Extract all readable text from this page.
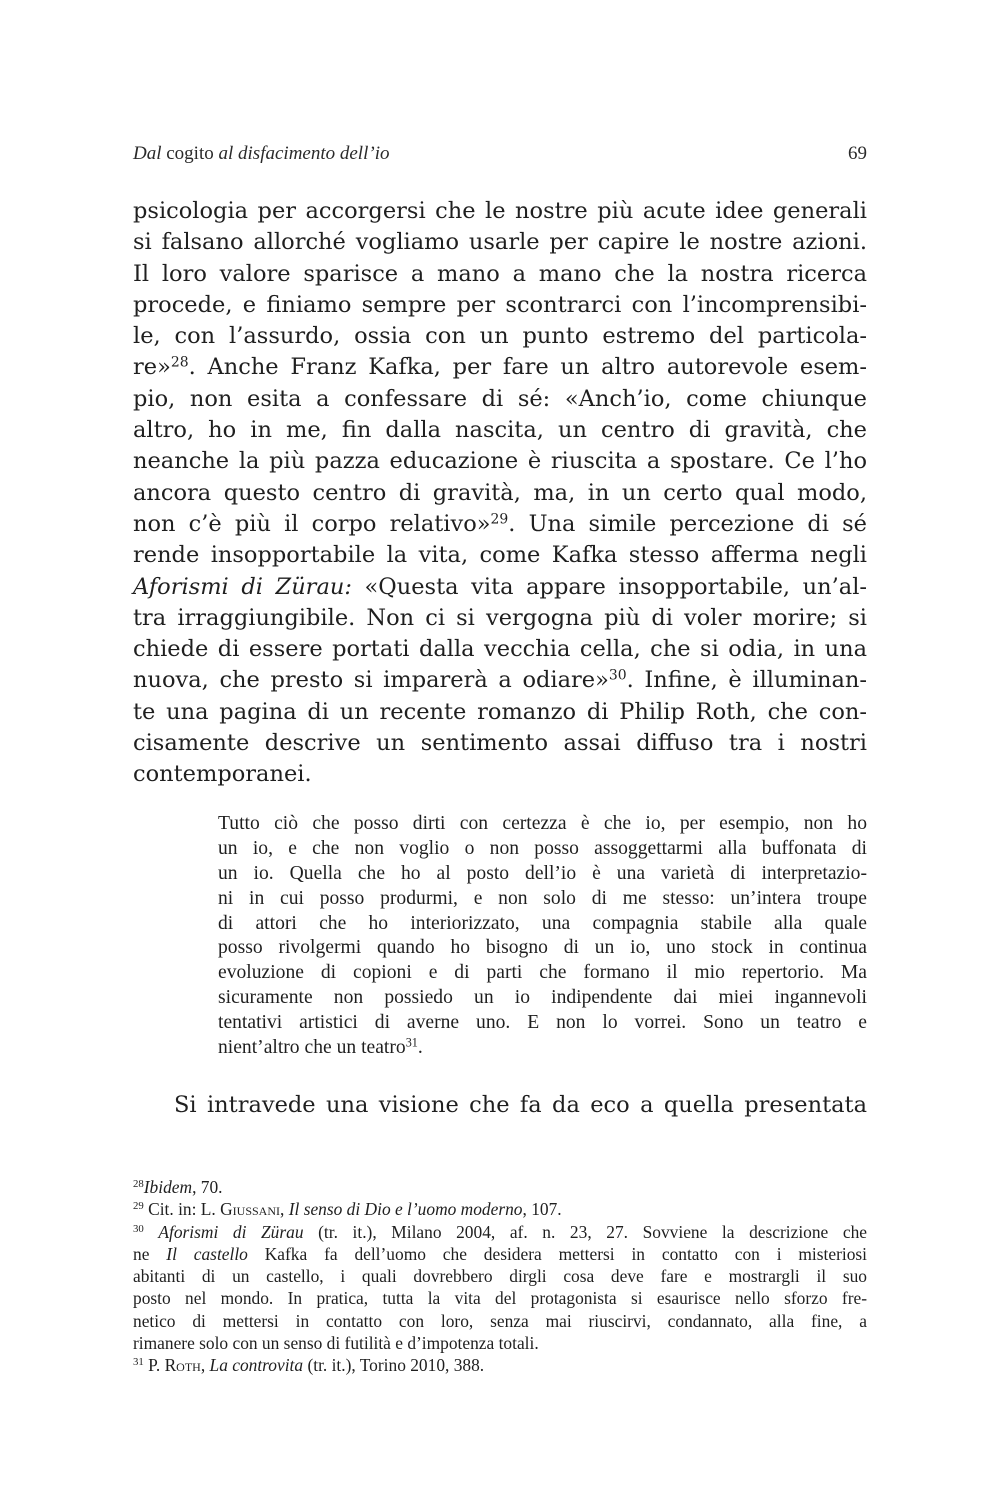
Dal cogito al disfacimento dell’io	69
psicologia per accorgersi che le nostre più acute idee generali
si falsano allorché vogliamo usarle per capire le nostre azioni.
Il loro valore sparisce a mano a mano che la nostra ricerca
procede, e finiamo sempre per scontrarci con l’incomprensibi-
le, con l’assurdo, ossia con un punto estremo del particola-
re»$^{28}$. Anche Franz Kafka, per fare un altro autorevole esem-
pio, non esita a confessare di sé: «Anch’io, come chiunque
altro, ho in me, fin dalla nascita, un centro di gravità, che
neanche la più pazza educazione è riuscita a spostare. Ce l’ho
ancora questo centro di gravità, ma, in un certo qual modo,
non c’è più il corpo relativo»$^{29}$. Una simile percezione di sé
rende insopportabile la vita, come Kafka stesso afferma negli
Aforismi di Zürau: «Questa vita appare insopportabile, un’al-
tra irraggiungibile. Non ci si vergogna più di voler morire; si
chiede di essere portati dalla vecchia cella, che si odia, in una
nuova, che presto si imparerà a odiare»$^{30}$. Infine, è illuminan-
te una pagina di un recente romanzo di Philip Roth, che con-
cisamente descrive un sentimento assai diffuso tra i nostri
contemporanei.
Tutto ciò che posso dirti con certezza è che io, per esempio, non ho
un io, e che non voglio o non posso assoggettarmi alla buffonata di
un io. Quella che ho al posto dell’io è una varietà di interpretazio-
ni in cui posso produrmi, e non solo di me stesso: un’intera troupe
di attori che ho interiorizzato, una compagnia stabile alla quale
posso rivolgermi quando ho bisogno di un io, uno stock in continua
evoluzione di copioni e di parti che formano il mio repertorio. Ma
sicuramente non possiedo un io indipendente dai miei ingannevoli
tentativi artistici di averne uno. E non lo vorrei. Sono un teatro e
nient’altro che un teatro$^{31}$.
Si intravede una visione che fa da eco a quella presentata
$^{28}$Ibidem, 70.
$^{29}$ Cit. in: L. Giussani, Il senso di Dio e l’uomo moderno, 107.
$^{30}$ Aforismi di Zürau (tr. it.), Milano 2004, af. n. 23, 27. Sovviene la descrizione che
ne Il castello Kafka fa dell’uomo che desidera mettersi in contatto con i misteriosi
abitanti di un castello, i quali dovrebbero dirgli cosa deve fare e mostrargli il suo
posto nel mondo. In pratica, tutta la vita del protagonista si esaurisce nello sforzo fre-
netico di mettersi in contatto con loro, senza mai riuscirvi, condannato, alla fine, a
rimanere solo con un senso di futilità e d’impotenza totali.
$^{31}$ P. Roth, La controvita (tr. it.), Torino 2010, 388.
